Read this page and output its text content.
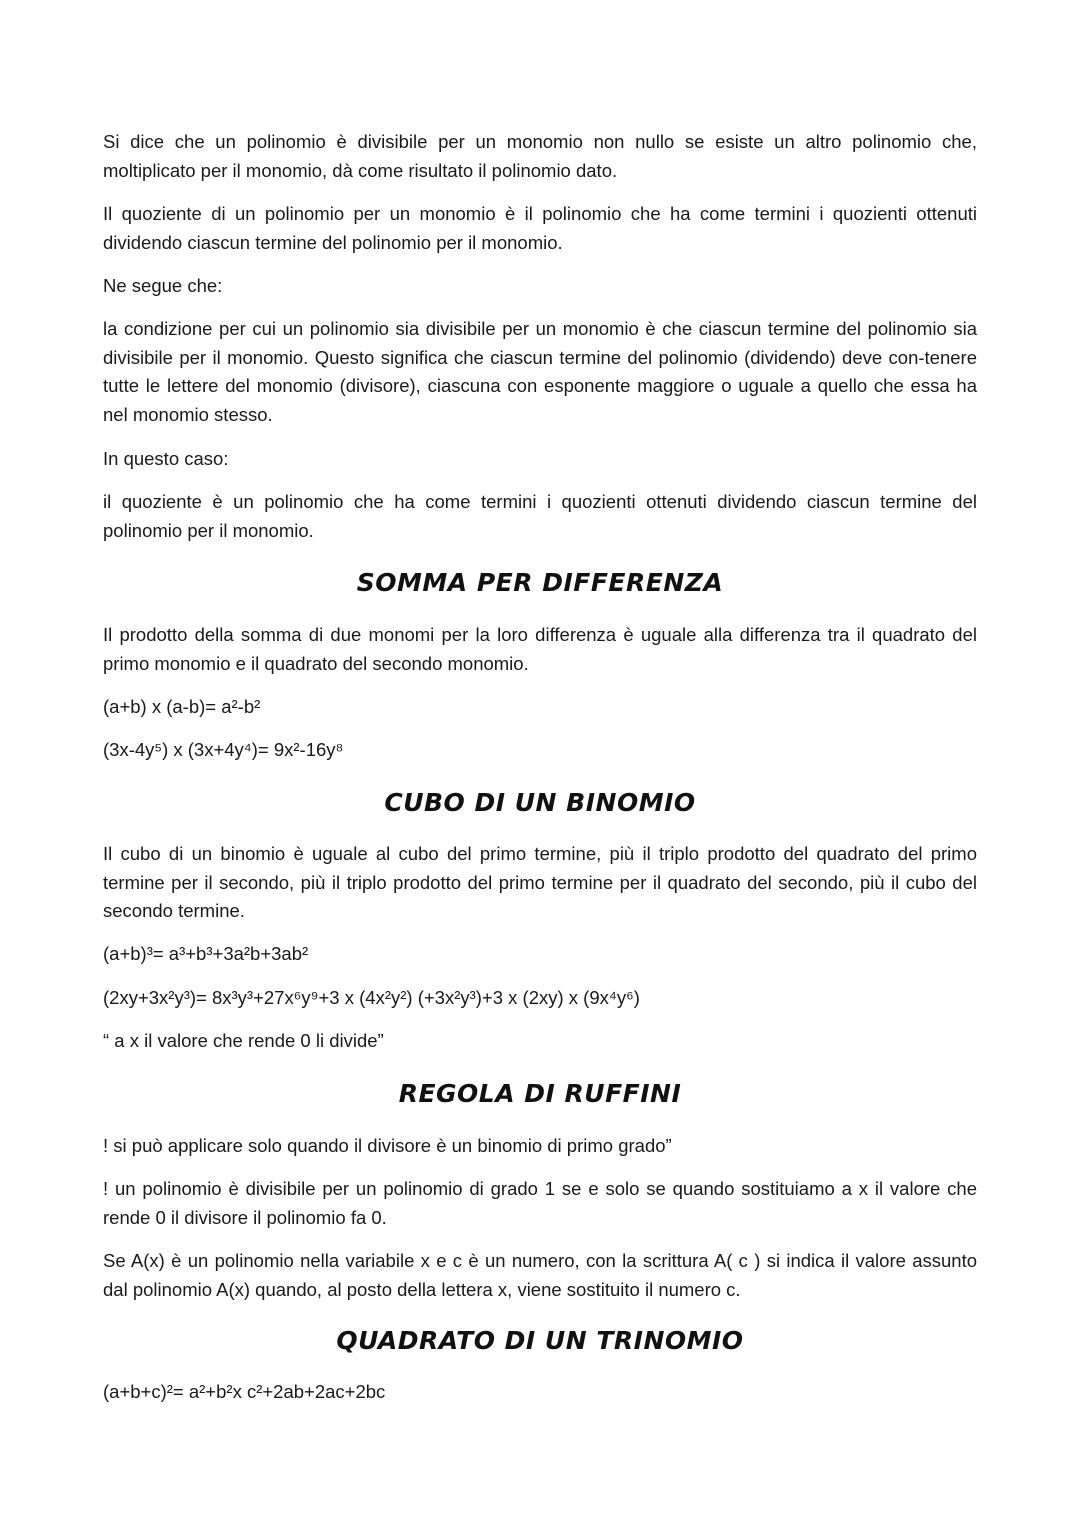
Si dice che un polinomio è divisibile per un monomio non nullo se esiste un altro polinomio che, moltiplicato per il monomio, dà come risultato il polinomio dato.

Il quoziente di un polinomio per un monomio è il polinomio che ha come termini i quozienti ottenuti dividendo ciascun termine del polinomio per il monomio.

Ne segue che:

la condizione per cui un polinomio sia divisibile per un monomio è che ciascun termine del polinomio sia divisibile per il monomio. Questo significa che ciascun termine del polinomio (dividendo) deve con-tenere tutte le lettere del monomio (divisore), ciascuna con esponente maggiore o uguale a quello che essa ha nel monomio stesso.

In questo caso:

il quoziente è un polinomio che ha come termini i quozienti ottenuti dividendo ciascun termine del polinomio per il monomio.

SOMMA PER DIFFERENZA

Il prodotto della somma di due monomi per la loro differenza è uguale alla differenza tra il quadrato del primo monomio e il quadrato del secondo monomio.

(a+b) x (a-b)= a²-b²

(3x-4y⁵) x (3x+4y⁴)= 9x²-16y⁸

CUBO DI UN BINOMIO

Il cubo di un binomio è uguale al cubo del primo termine, più il triplo prodotto del quadrato del primo termine per il secondo, più il triplo prodotto del primo termine per il quadrato del secondo, più il cubo del secondo termine.

(a+b)³= a³+b³+3a²b+3ab²

(2xy+3x²y³)= 8x³y³+27x⁶y⁹+3 x (4x²y²) (+3x²y³)+3 x (2xy) x (9x⁴y⁶)

“ a x il valore che rende 0 li divide”

REGOLA DI RUFFINI

! si può applicare solo quando il divisore è un binomio di primo grado”

! un polinomio è divisibile per un polinomio di grado 1 se e solo se quando sostituiamo a x il valore che rende 0 il divisore il polinomio fa 0.

Se A(x) è un polinomio nella variabile x e c è un numero, con la scrittura A( c ) si indica il valore assunto dal polinomio A(x) quando, al posto della lettera x, viene sostituito il numero c.

QUADRATO DI UN TRINOMIO

(a+b+c)²= a²+b²x c²+2ab+2ac+2bc
